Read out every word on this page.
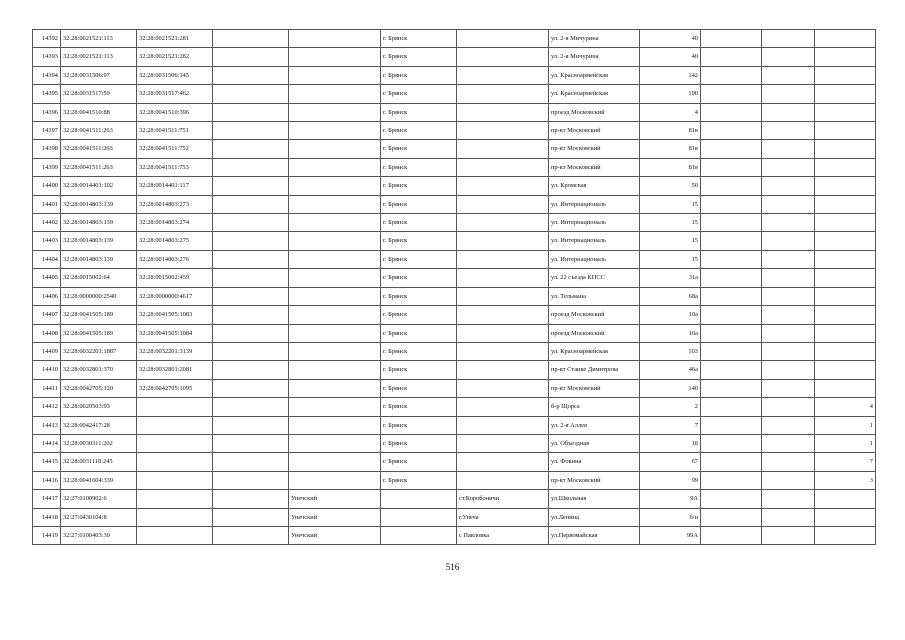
14392	32:28:0021521:113	32:28:0021521:281			г. Брянск		ул. 2-я Мичурина	40			
14393	32:28:0021521:113	32:28:0021521:282			г. Брянск		ул. 2-я Мичурина	40			
14394	32:28:0031506:97	32:28:0031506:145			г. Брянск		ул. Красноармейская	142			
14395	32:28:0031517:59	32:28:0031517:462			г. Брянск		ул. Красноармейская	190			
14396	32:28:0041510:88	32:28:0041510:396			г. Брянск		проезд Московский	4			
14397	32:28:0041511:263	32:28:0041511:751			г. Брянск		пр-кт Московский	81в			
14398	32:28:0041511:263	32:28:0041511:752			г. Брянск		пр-кт Московский	81в			
14399	32:28:0041511:263	32:28:0041511:753			г. Брянск		пр-кт Московский	81в			
14400	32:28:0014401:102	32:28:0014401:117			г. Брянск		ул. Кромская	50			
14401	32:28:0014803:139	32:28:0014803:273			г. Брянск		ул. Интернациональ	15			
14402	32:28:0014803:139	32:28:0014803:274			г. Брянск		ул. Интернациональ	15			
14403	32:28:0014803:139	32:28:0014803:275			г. Брянск		ул. Интернациональ	15			
14404	32:28:0014803:139	32:28:0014803:276			г. Брянск		ул. Интернациональ	15			
14405	32:28:0015002:64	32:28:0015002:459			г. Брянск		ул. 22 съезда КПСС	31а			
14406	32:28:0000000:2540	32:28:0000000:4617			г. Брянск		ул. Тельмана	68а			
14407	32:28:0041505:189	32:28:0041505:1083			г. Брянск		проезд Московский	10а			
14408	32:28:0041505:189	32:28:0041505:1084			г. Брянск		проезд Московский	10а			
14409	32:28:0032201:1887	32:28:0032201:3139			г. Брянск		ул. Красноармейская	103			
14410	32:28:0032801:370	32:28:0032801:2081			г. Брянск		пр-кт Станке Димитрова	46а			
14411	32:28:0042705:120	32:28:0042705:1095			г. Брянск		пр-кт Московский	140			
14412	32:28:0020503:93				г. Брянск		б-р Щорса	2			4
14413	32:28:0042417:28				г. Брянск		ул. 2-я Аллея	7			1
14414	32:28:0030311:202				г. Брянск		ул. Объездная	18			1
14415	32:28:0031118:245				г. Брянск		ул. Фокина	67			7
14416	32:28:0041604:339				г. Брянск		пр-кт Московский	99			3
14417	32:27:0100902:6			Унечский		ст.Коробоничи	ул.Школьная	9А			
14418	32:27:0430104:8			Унечский		г.Унеча	ул.Ленина	б/н			
14419	32:27:0100403:30			Унечский		с Павловка	ул.Первомайская	99А			
516
